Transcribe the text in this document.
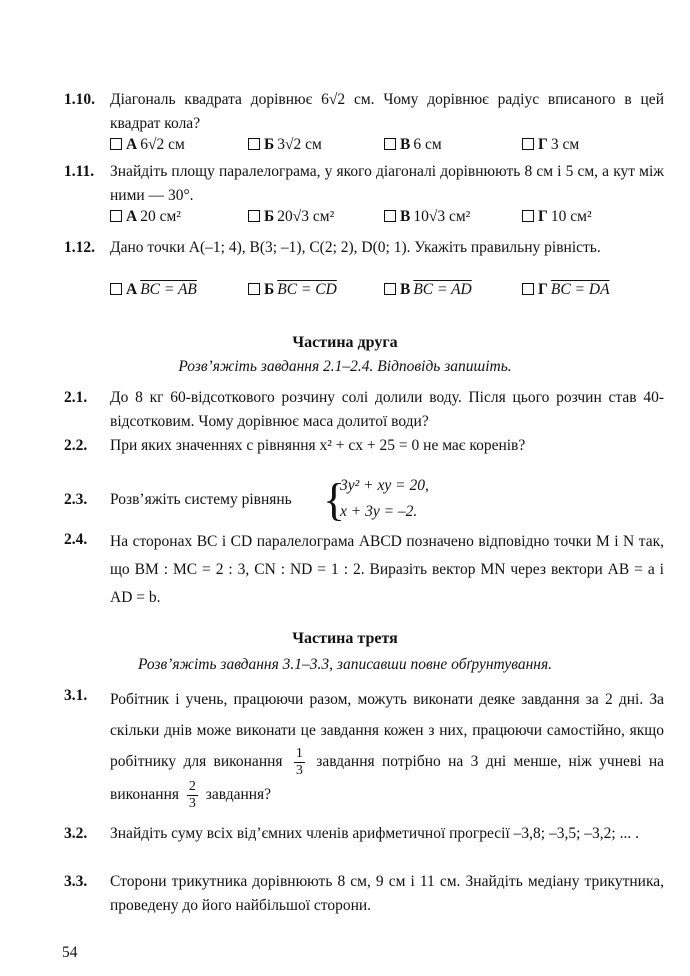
1.10. Діагональ квадрата дорівнює 6√2 см. Чому дорівнює радіус вписаного в цей квадрат кола?
А 6√2 см	Б 3√2 см	В 6 см	Г 3 см
1.11. Знайдіть площу паралелограма, у якого діагоналі дорівнюють 8 см і 5 см, а кут між ними — 30°.
А 20 см²	Б 20√3 см²	В 10√3 см²	Г 10 см²
1.12. Дано точки A(–1; 4), B(3; –1), C(2; 2), D(0; 1). Укажіть правильну рівність.
А BC = AB	Б BC = CD	В BC = AD	Г BC = DA
Частина друга
Розв’яжіть завдання 2.1–2.4. Відповідь запишіть.
2.1. До 8 кг 60-відсоткового розчину солі долили воду. Після цього розчин став 40-відсотковим. Чому дорівнює маса долитої води?
2.2. При яких значеннях c рівняння x² + cx + 25 = 0 не має коренів?
2.3. Розв’яжіть систему рівнянь {
3y² + xy = 20,
x + 3y = –2.
2.4. На сторонах BC і CD паралелограма ABCD позначено відповідно точки M і N так, що BM : MC = 2 : 3, CN : ND = 1 : 2. Виразіть вектор MN через вектори AB = a і AD = b.
Частина третя
Розв’яжіть завдання 3.1–3.3, записавши повне обґрунтування.
3.1. Робітник і учень, працюючи разом, можуть виконати деяке завдання за 2 дні. За скільки днів може виконати це завдання кожен з них, працюючи самостійно, якщо робітнику для виконання $\frac{1}{3}$ завдання потрібно на 3 дні менше, ніж учневі на виконання $\frac{2}{3}$ завдання?
3.2. Знайдіть суму всіх від’ємних членів арифметичної прогресії –3,8; –3,5; –3,2; ... .
3.3. Сторони трикутника дорівнюють 8 см, 9 см і 11 см. Знайдіть медіану трикутника, проведену до його найбільшої сторони.
54
